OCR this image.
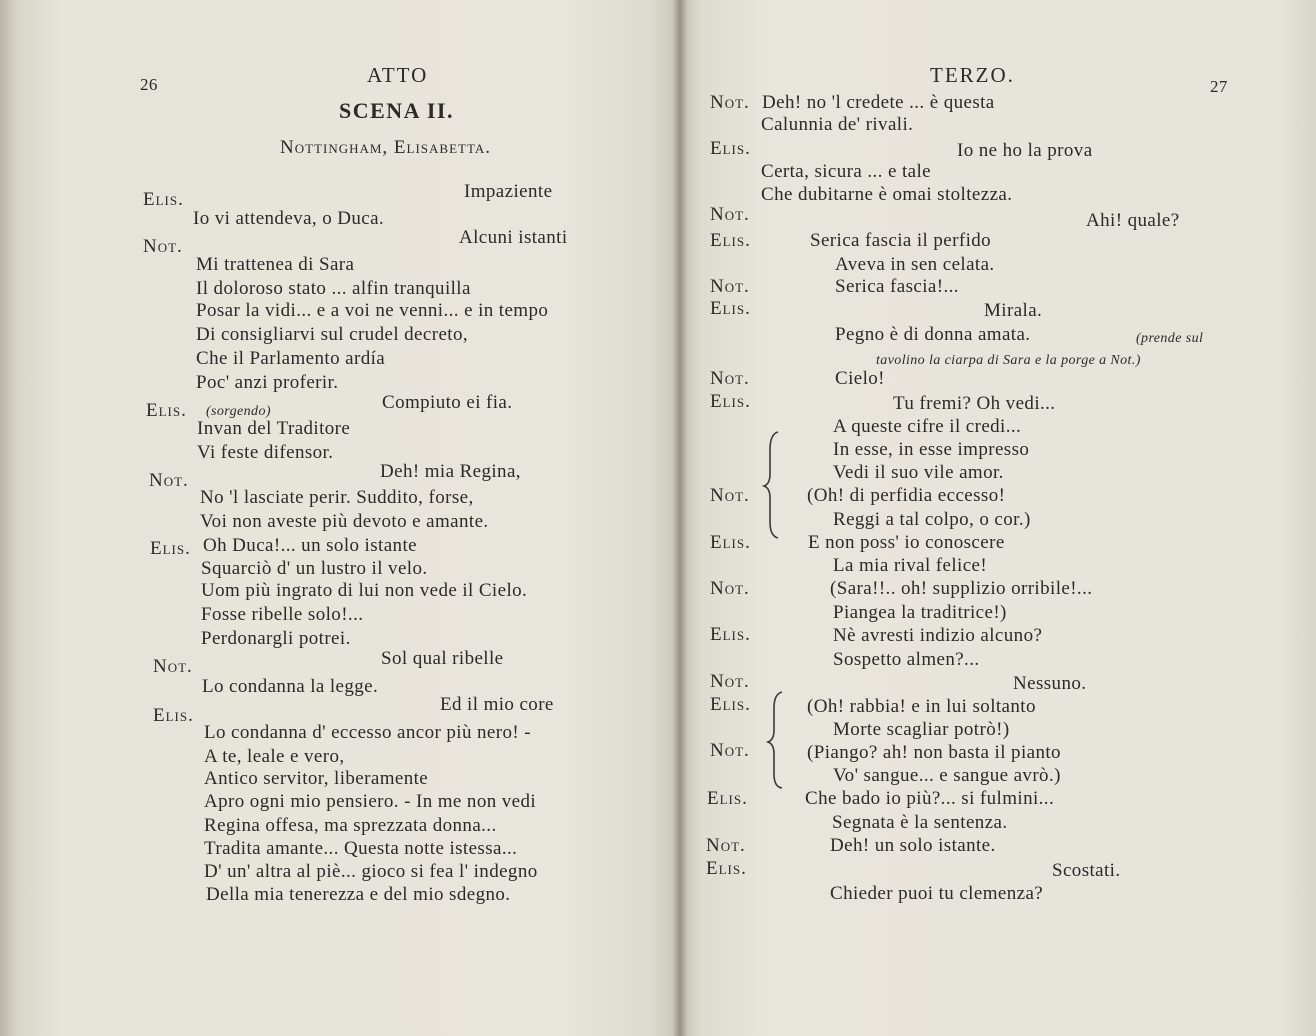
26	ATTO
SCENA II.
Nottingham, Elisabetta.
Elis.	Impaziente
Io vi attendeva, o Duca.
Not.	Alcuni istanti
Mi trattenea di Sara
Il doloroso stato ... alfin tranquilla
Posar la vidi... e a voi ne venni... e in tempo
Di consigliarvi sul crudel decreto,
Che il Parlamento ardía
Poc' anzi proferir.
Elis. (sorgendo)	Compiuto ei fia.
Invan del Traditore
Vi feste difensor.
Not.	Deh! mia Regina,
No 'l lasciate perir. Suddito, forse,
Voi non aveste più devoto e amante.
Elis. Oh Duca!... un solo istante
Squarciò d' un lustro il velo.
Uom più ingrato di lui non vede il Cielo.
Fosse ribelle solo!...
Perdonargli potrei.
Not.	Sol qual ribelle
Lo condanna la legge.
Elis.
Ed il mio core
Lo condanna d' eccesso ancor più nero! -
A te, leale e vero,
Antico servitor, liberamente
Apro ogni mio pensiero. - In me non vedi
Regina offesa, ma sprezzata donna...
Tradita amante... Questa notte istessa...
D' un' altra al piè... gioco si fea l' indegno
Della mia tenerezza e del mio sdegno.
TERZO.	27
Not. Deh! no 'l credete ... è questa
Calunnia de' rivali.
Elis.	Io ne ho la prova
Certa, sicura ... e tale
Che dubitarne è omai stoltezza.
Not.	Ahi! quale?
Elis.	Serica fascia il perfido
Aveva in sen celata.
Not.	Serica fascia!...
Elis.	Mirala.
Pegno è di donna amata.	(prende sul
tavolino la ciarpa di Sara e la porge a Not.)
Not.	Cielo!
Elis.	Tu fremi? Oh vedi...
A queste cifre il credi...
In esse, in esse impresso
Vedi il suo vile amor.
Not.	(Oh! di perfidia eccesso!
Reggi a tal colpo, o cor.)
Elis.	E non poss' io conoscere
La mia rival felice!
Not.	(Sara!!.. oh! supplizio orribile!...
Piangea la traditrice!)
Elis.	Nè avresti indizio alcuno?
Sospetto almen?...
Not.	Nessuno.
Elis.	(Oh! rabbia! e in lui soltanto
Morte scagliar potrò!)
Not.	(Piango? ah! non basta il pianto
Vo' sangue... e sangue avrò.)
Elis.	Che bado io più?... si fulmini...
Segnata è la sentenza.
Not.	Deh! un solo istante.
Elis.	Scostati.
Chieder puoi tu clemenza?
